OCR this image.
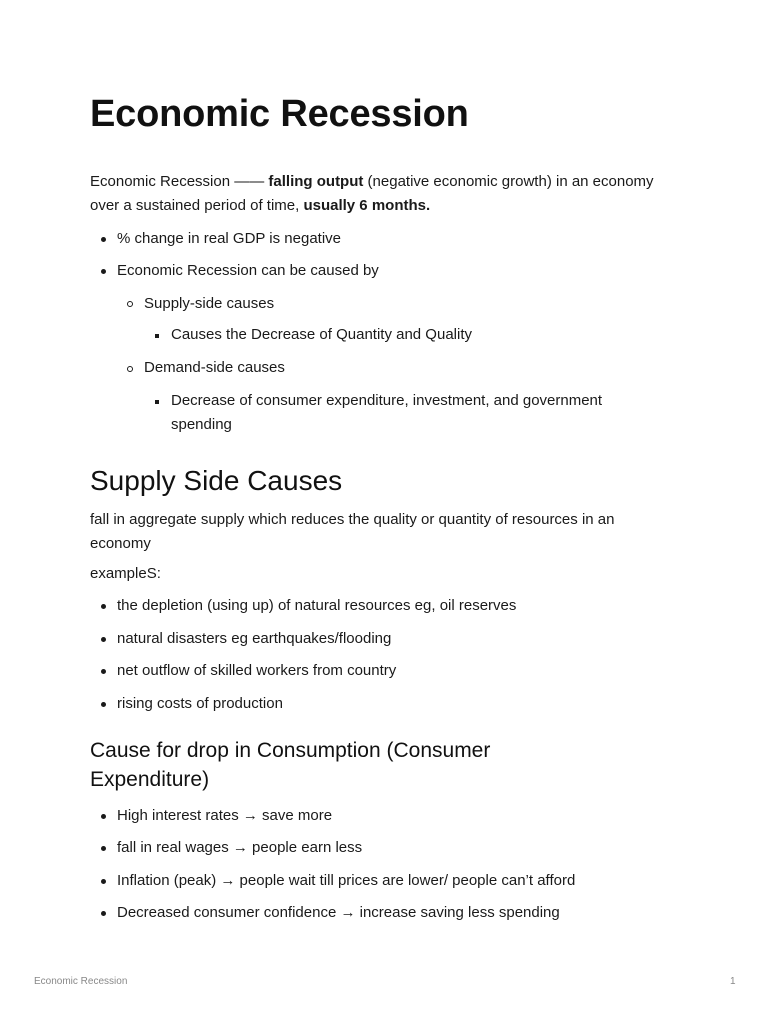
Economic Recession

Economic Recession —— falling output (negative economic growth) in an economy over a sustained period of time, usually 6 months.

% change in real GDP is negative
Economic Recession can be caused by
Supply-side causes
Causes the Decrease of Quantity and Quality
Demand-side causes
Decrease of consumer expenditure, investment, and government spending
Supply Side Causes

fall in aggregate supply which reduces the quality or quantity of resources in an economy

exampleS:

the depletion (using up) of natural resources eg, oil reserves
natural disasters eg earthquakes/flooding
net outflow of skilled workers from country
rising costs of production
Cause for drop in Consumption (Consumer Expenditure)
High interest rates → save more
fall in real wages → people earn less
Inflation (peak) → people wait till prices are lower/ people can’t afford
Decreased consumer confidence → increase saving less spending
Economic Recession	1
